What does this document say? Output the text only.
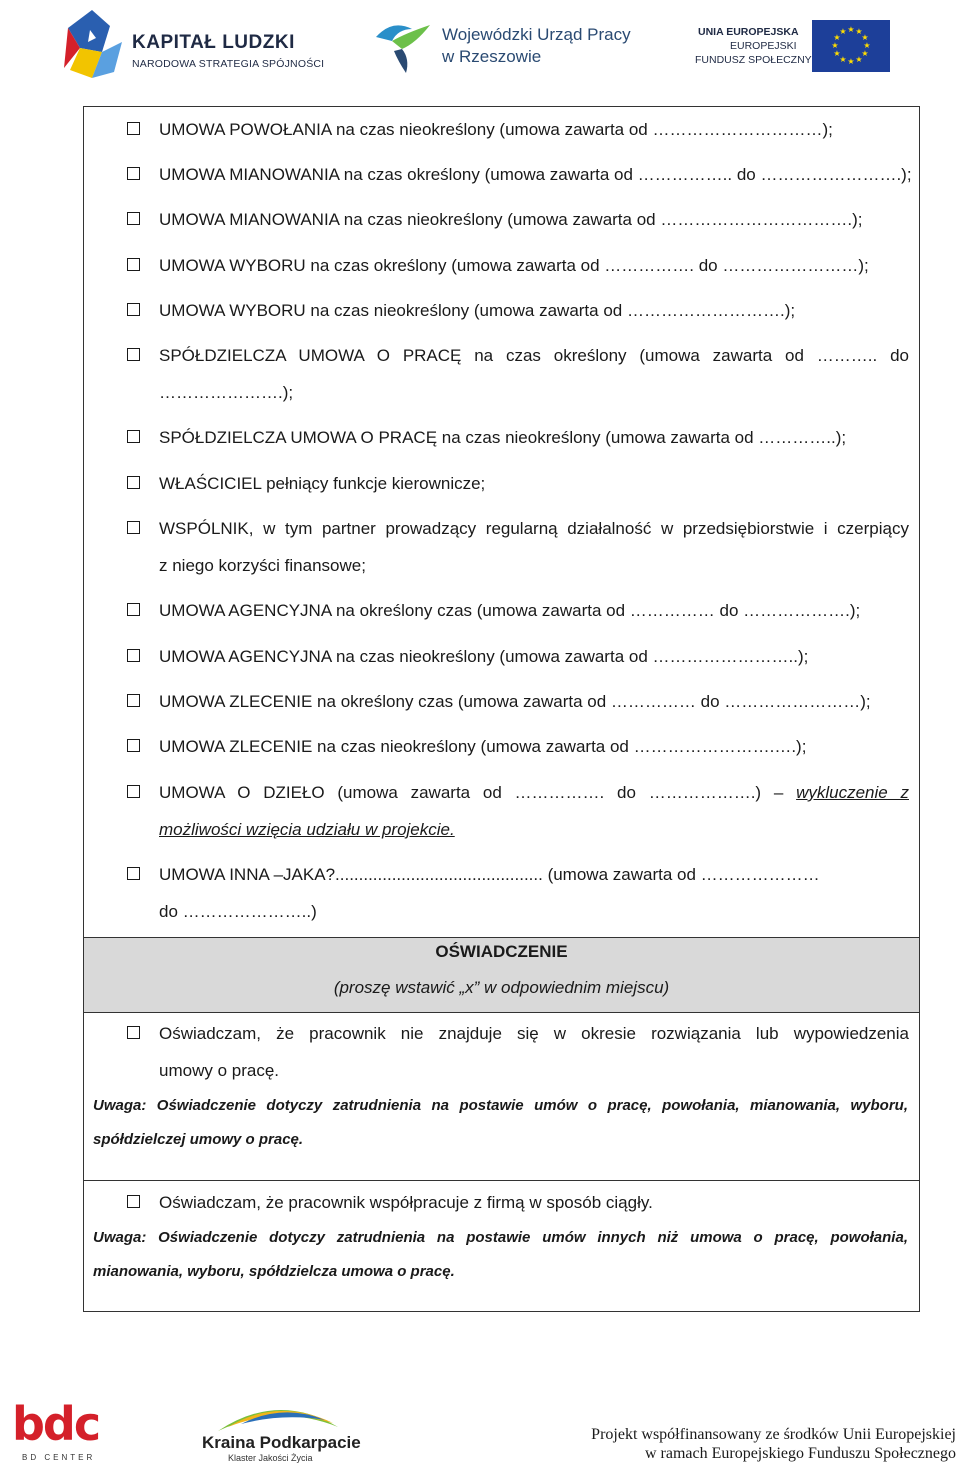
KAPITAŁ LUDZKI
NARODOWA STRATEGIA SPÓJNOŚCI
Wojewódzki Urząd Pracy
w Rzeszowie
UNIA EUROPEJSKA
EUROPEJSKI
FUNDUSZ SPOŁECZNY
★ ★
★
★
★
★
★
★
★
★
★
★
UMOWA POWOŁANIA na czas nieokreślony (umowa zawarta od …………………………);
UMOWA MIANOWANIA na czas określony (umowa zawarta od …………….. do …………………….);
UMOWA MIANOWANIA na czas nieokreślony (umowa zawarta od …………………………….);
UMOWA WYBORU na czas określony (umowa zawarta od ……………. do ……………………);
UMOWA WYBORU na czas nieokreślony (umowa zawarta od ……………………….);
SPÓŁDZIELCZA UMOWA O PRACĘ na czas określony (umowa zawarta od ……….. do
………………….);
SPÓŁDZIELCZA UMOWA O PRACĘ na czas nieokreślony (umowa zawarta od …………..);
WŁAŚCICIEL pełniący funkcje kierownicze;
WSPÓLNIK, w tym partner prowadzący regularną działalność w przedsiębiorstwie i czerpiący
z niego korzyści finansowe;
UMOWA AGENCYJNA na określony czas (umowa zawarta od …………… do ……………….);
UMOWA AGENCYJNA na czas nieokreślony (umowa zawarta od ……………………..);
UMOWA ZLECENIE na określony czas (umowa zawarta od …………… do ……………………);
UMOWA ZLECENIE na czas nieokreślony (umowa zawarta od …………………….….);
UMOWA O DZIEŁO (umowa zawarta od ……………. do ……………….) – wykluczenie z
możliwości wzięcia udziału w projekcie.
UMOWA INNA –JAKA?............................................ (umowa zawarta od …………………
do …………………..)
OŚWIADCZENIE
(proszę wstawić „x” w odpowiednim miejscu)
Oświadczam, że pracownik nie znajduje się w okresie rozwiązania lub wypowiedzenia
umowy o pracę.
Uwaga: Oświadczenie dotyczy zatrudnienia na postawie umów o pracę, powołania, mianowania, wyboru,
spółdzielczej umowy o pracę.
Oświadczam, że pracownik współpracuje z firmą w sposób ciągły.
Uwaga: Oświadczenie dotyczy zatrudnienia na postawie umów innych niż umowa o pracę, powołania,
mianowania, wyboru, spółdzielcza umowa o pracę.
bdc
BD CENTER
Kraina Podkarpacie
Klaster Jakości Życia
Projekt współfinansowany ze środków Unii Europejskiej
w ramach Europejskiego Funduszu Społecznego
